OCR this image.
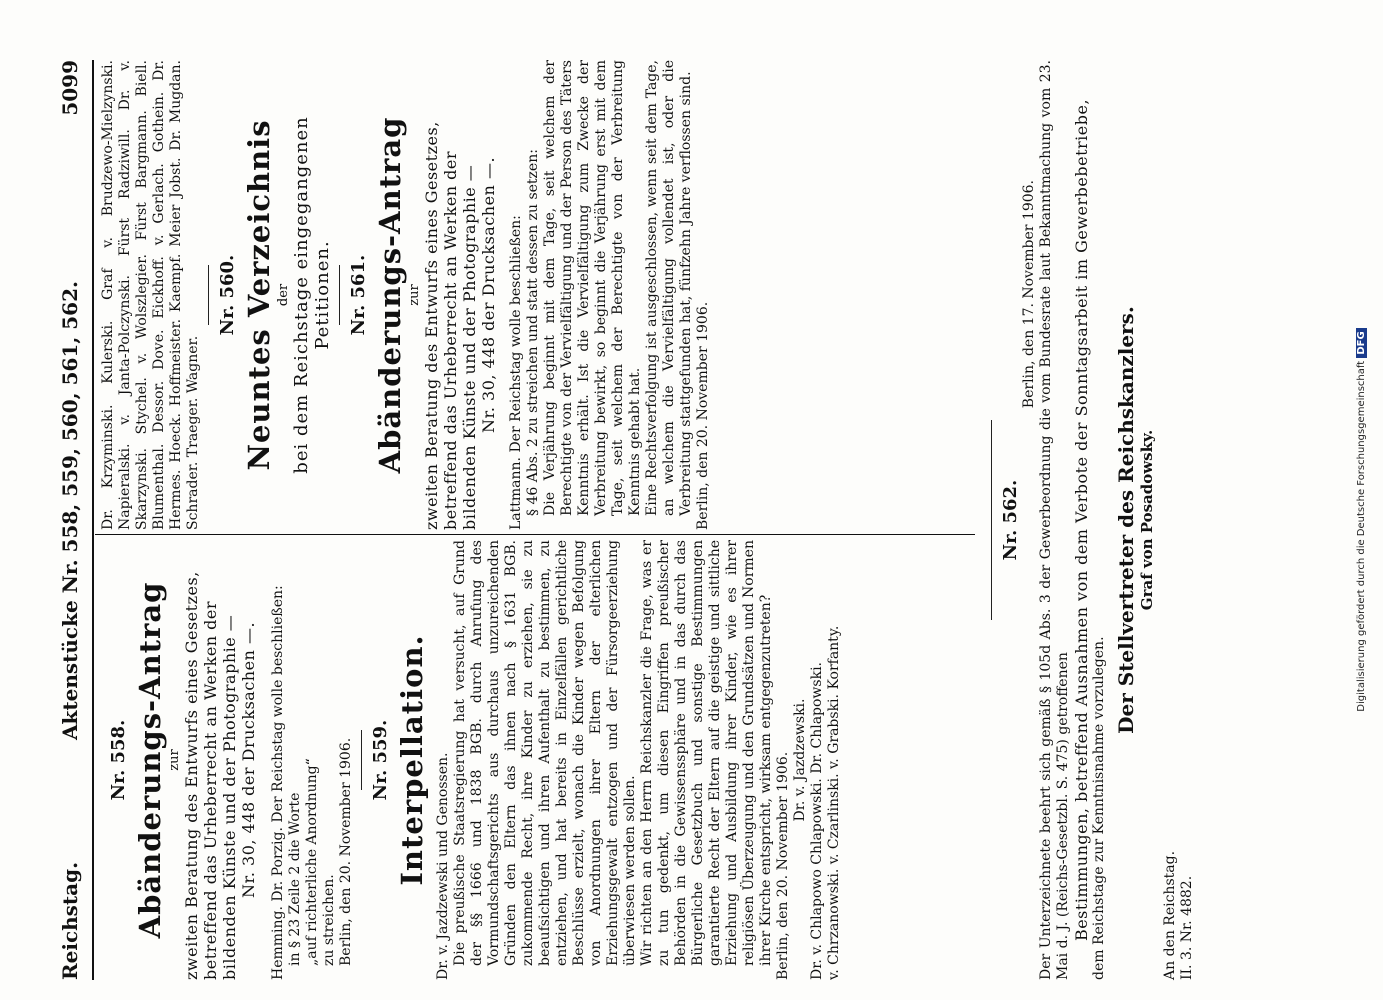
Reichstag.
Aktenstücke Nr. 558, 559, 560, 561, 562.
5099

Nr. 558. Abänderungs-Antrag zur zweiten Beratung des Entwurfs eines Gesetzes, betreffend das Urheberrecht an Werken der bildenden Künste und der Photographie — Nr. 30, 448 der Drucksachen —. Hemming. Dr. Porzig. Der Reichstag wolle beschließen: in § 23 Zeile 2 die Worte „auf richterliche Anordnung“ zu streichen. Berlin, den 20. November 1906. Nr. 559. Interpellation. Dr. v. Jazdzewski und Genossen. Die preußische Staatsregierung hat versucht, auf Grund der §§ 1666 und 1838 BGB. durch Anrufung des Vormundschaftsgerichts aus durchaus unzureichenden Gründen den Eltern das ihnen nach § 1631 BGB. zukommende Recht, ihre Kinder zu erziehen, sie zu beaufsichtigen und ihren Aufenthalt zu bestimmen, zu entziehen, und hat bereits in Einzelfällen gerichtliche Beschlüsse erzielt, wonach die Kinder wegen Befolgung von Anordnungen ihrer Eltern der elterlichen Erziehungsgewalt entzogen und der Fürsorgeerziehung überwiesen werden sollen. Wir richten an den Herrn Reichskanzler die Frage, was er zu tun gedenkt, um diesen Eingriffen preußischer Behörden in die Gewissenssphäre und in das durch das Bürgerliche Gesetzbuch und sonstige Bestimmungen garantierte Recht der Eltern auf die geistige und sittliche Erziehung und Ausbildung ihrer Kinder, wie es ihrer religiösen Überzeugung und den Grundsätzen und Normen ihrer Kirche entspricht, wirksam entgegenzutreten? Berlin, den 20. November 1906. Dr. v. Jazdzewski. Dr. v. Chlapowo Chlapowski. Dr. Chlapowski. v. Chrzanowski. v. Czarlinski. v. Grabski. Korfanty.

Dr. Krzyminski. Kulerski. Graf v. Brudzewo-Mielzynski. Napieralski. v. Janta-Polczynski. Fürst Radziwill. Dr. v. Skarzynski. Stychel. v. Wolszlegier. Fürst Bargmann. Biell. Blumenthal. Dessor. Dove. Eickhoff. v. Gerlach. Gothein. Dr. Hermes. Hoeck. Hoffmeister. Kaempf. Meier Jobst. Dr. Mugdan. Schrader. Traeger. Wagner.

Nr. 560. Neuntes Verzeichnis der bei dem Reichstage eingegangenen Petitionen. Nr. 561. Abänderungs-Antrag zur zweiten Beratung des Entwurfs eines Gesetzes, betreffend das Urheberrecht an Werken der bildenden Künste und der Photographie — Nr. 30, 448 der Drucksachen —. Lattmann. Der Reichstag wolle beschließen: § 46 Abs. 2 zu streichen und statt dessen zu setzen: Die Verjährung beginnt mit dem Tage, seit welchem der Berechtigte von der Vervielfältigung und der Person des Täters Kenntnis erhält. Ist die Vervielfältigung zum Zwecke der Verbreitung bewirkt, so beginnt die Verjährung erst mit dem Tage, seit welchem der Berechtigte von der Verbreitung Kenntnis gehabt hat. Eine Rechtsverfolgung ist ausgeschlossen, wenn seit dem Tage, an welchem die Vervielfältigung vollendet ist, oder die Verbreitung stattgefunden hat, fünfzehn Jahre verflossen sind. Berlin, den 20. November 1906.	Nr. 562.

Berlin, den 17. November 1906. Der Unterzeichnete beehrt sich gemäß § 105d Abs. 3 der Gewerbeordnung die vom Bundesrate laut Bekanntmachung vom 23. Mai d. J. (Reichs-Gesetzbl. S. 475) getroffenen Bestimmungen, betreffend Ausnahmen von dem Verbote der Sonntagsarbeit im Gewerbebetriebe, dem Reichstage zur Kenntnisnahme vorzulegen.

Der Stellvertreter des Reichskanzlers. Graf von Posadowsky.

An den Reichstag. II. 3. Nr. 4882.

Digitalisierung gefördert durch die Deutsche Forschungsgemeinschaft DFG
